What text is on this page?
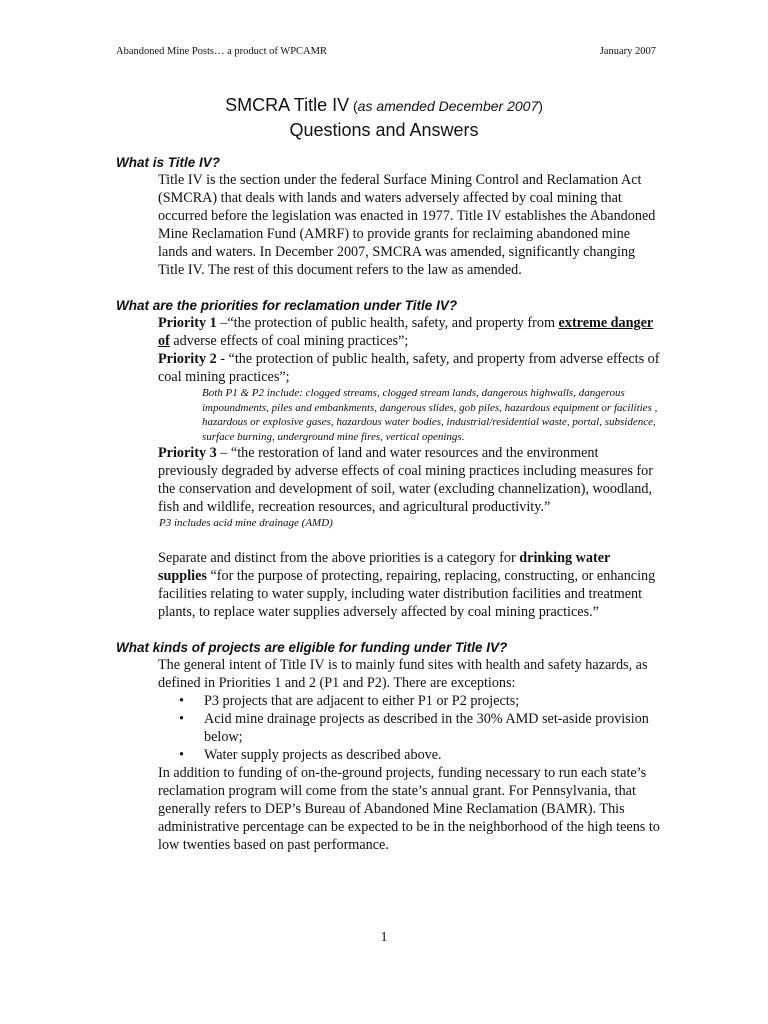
Abandoned Mine Posts… a product of WPCAMR	January 2007
SMCRA Title IV (as amended December 2007)
Questions and Answers
What is Title IV?

Title IV is the section under the federal Surface Mining Control and Reclamation Act (SMCRA) that deals with lands and waters adversely affected by coal mining that occurred before the legislation was enacted in 1977. Title IV establishes the Abandoned Mine Reclamation Fund (AMRF) to provide grants for reclaiming abandoned mine lands and waters. In December 2007, SMCRA was amended, significantly changing Title IV. The rest of this document refers to the law as amended.

What are the priorities for reclamation under Title IV?

Priority 1 –“the protection of public health, safety, and property from extreme danger of adverse effects of coal mining practices”;

Priority 2 - “the protection of public health, safety, and property from adverse effects of coal mining practices”;

Both P1 & P2 include: clogged streams, clogged stream lands, dangerous highwalls, dangerous impoundments, piles and embankments, dangerous slides, gob piles, hazardous equipment or facilities , hazardous or explosive gases, hazardous water bodies, industrial/residential waste, portal, subsidence, surface burning, underground mine fires, vertical openings.

Priority 3 – “the restoration of land and water resources and the environment previously degraded by adverse effects of coal mining practices including measures for the conservation and development of soil, water (excluding channelization), woodland, fish and wildlife, recreation resources, and agricultural productivity.”

P3 includes acid mine drainage (AMD)

Separate and distinct from the above priorities is a category for drinking water supplies “for the purpose of protecting, repairing, replacing, constructing, or enhancing facilities relating to water supply, including water distribution facilities and treatment plants, to replace water supplies adversely affected by coal mining practices.”

What kinds of projects are eligible for funding under Title IV?

The general intent of Title IV is to mainly fund sites with health and safety hazards, as defined in Priorities 1 and 2 (P1 and P2). There are exceptions:

• P3 projects that are adjacent to either P1 or P2 projects;
• Acid mine drainage projects as described in the 30% AMD set-aside provision below;
• Water supply projects as described above.

In addition to funding of on-the-ground projects, funding necessary to run each state’s reclamation program will come from the state’s annual grant. For Pennsylvania, that generally refers to DEP’s Bureau of Abandoned Mine Reclamation (BAMR). This administrative percentage can be expected to be in the neighborhood of the high teens to low twenties based on past performance.

1
